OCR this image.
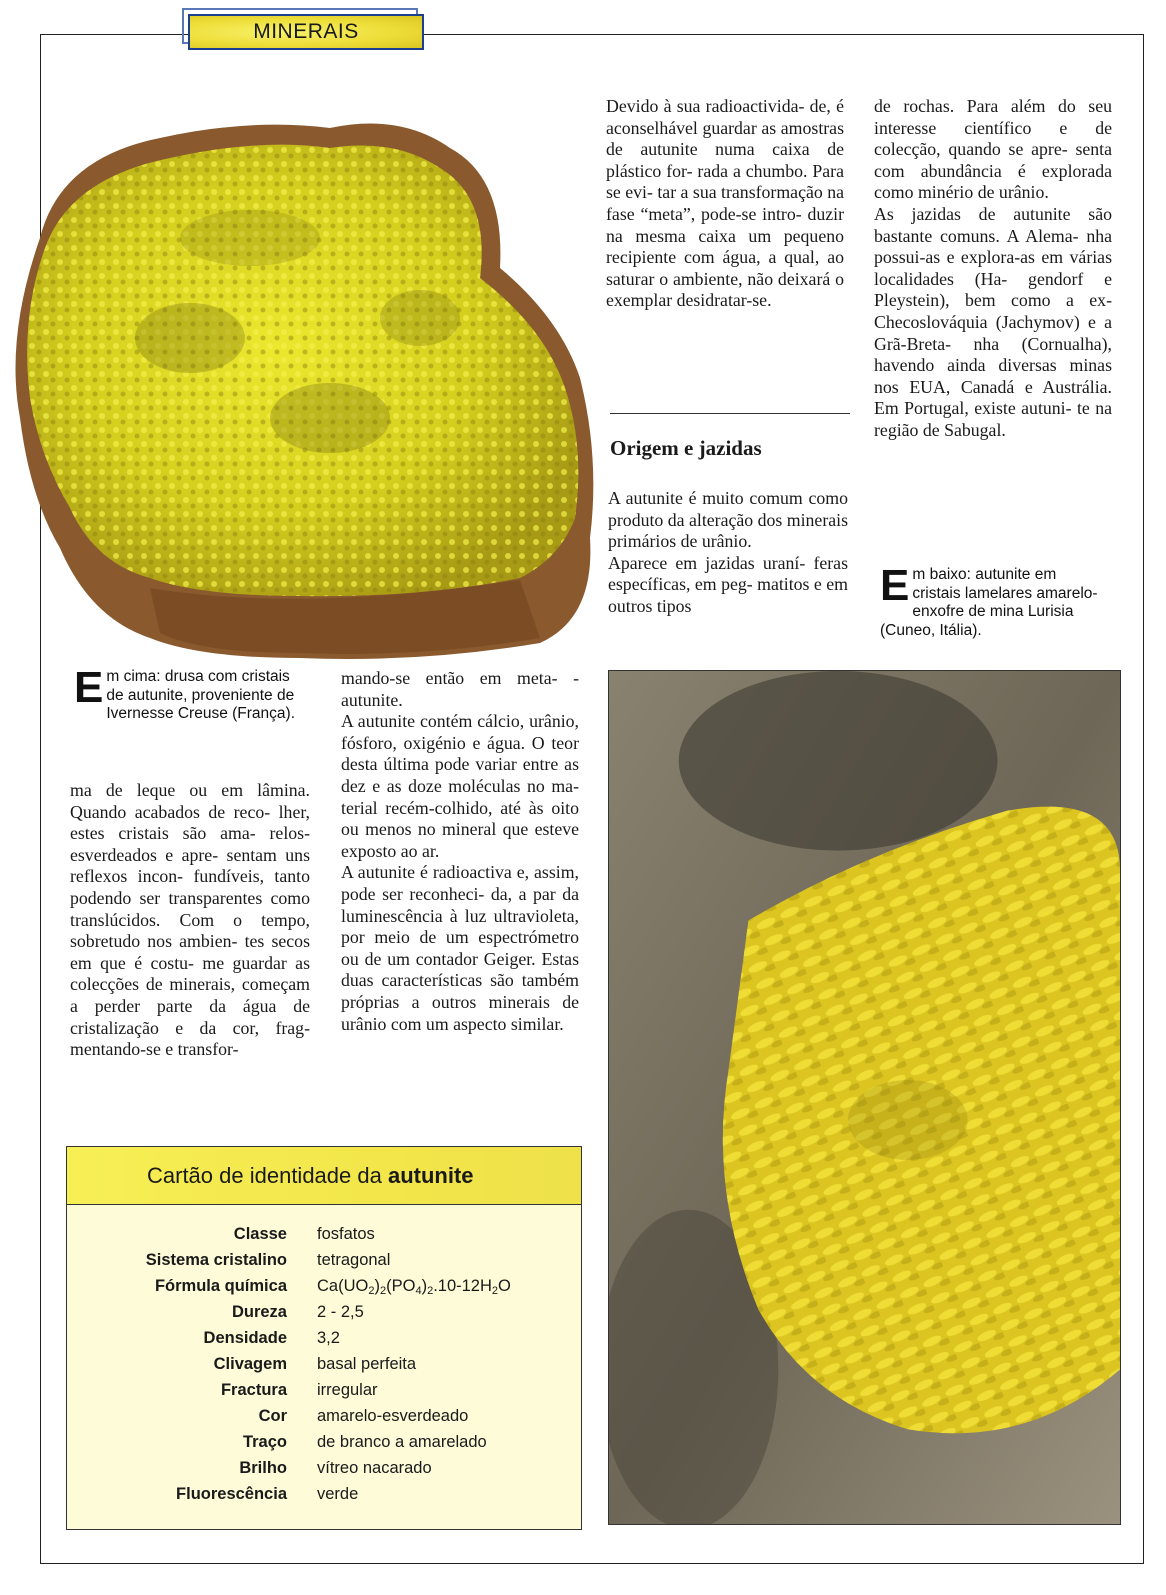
MINERAIS
Em cima: drusa com cristais de autunite, proveniente de Ivernesse Creuse (França).

Devido à sua radioactivida- de, é aconselhável guardar as amostras de autunite numa caixa de plástico for- rada a chumbo. Para se evi- tar a sua transformação na fase “meta”, pode-se intro- duzir na mesma caixa um pequeno recipiente com água, a qual, ao saturar o ambiente, não deixará o exemplar desidratar-se.

Origem e jazidas

A autunite é muito comum como produto da alteração dos minerais primários de urânio.

Aparece em jazidas uraní- feras específicas, em peg- matitos e em outros tipos

de rochas. Para além do seu interesse científico e de colecção, quando se apre- senta com abundância é explorada como minério de urânio.

As jazidas de autunite são bastante comuns. A Alema- nha possui-as e explora-as em várias localidades (Ha- gendorf e Pleystein), bem como a ex-Checoslováquia (Jachymov) e a Grã-Breta- nha (Cornualha), havendo ainda diversas minas nos EUA, Canadá e Austrália. Em Portugal, existe autuni- te na região de Sabugal.

Em baixo: autunite em cristais lamelares amarelo-enxofre de mina Lurisia (Cuneo, Itália).

ma de leque ou em lâmina. Quando acabados de reco- lher, estes cristais são ama- relos-esverdeados e apre- sentam uns reflexos incon- fundíveis, tanto podendo ser transparentes como translúcidos. Com o tempo, sobretudo nos ambien- tes secos em que é costu- me guardar as colecções de minerais, começam a perder parte da água de cristalização e da cor, frag- mentando-se e transfor-

mando-se então em meta- -autunite.

A autunite contém cálcio, urânio, fósforo, oxigénio e água. O teor desta última pode variar entre as dez e as doze moléculas no ma- terial recém-colhido, até às oito ou menos no mineral que esteve exposto ao ar.

A autunite é radioactiva e, assim, pode ser reconheci- da, a par da luminescência à luz ultravioleta, por meio de um espectrómetro ou de um contador Geiger. Estas duas características são também próprias a outros minerais de urânio com um aspecto similar.

Cartão de identidade da autunite
Classe fosfatos
Sistema cristalino tetragonal
Fórmula química $Ca(UO_2)_2(PO_4)_2.10-12H_2O$
Dureza 2 - 2,5
Densidade 3,2
Clivagem basal perfeita
Fractura irregular
Cor amarelo-esverdeado
Traço de branco a amarelado
Brilho vítreo nacarado
Fluorescência verde
